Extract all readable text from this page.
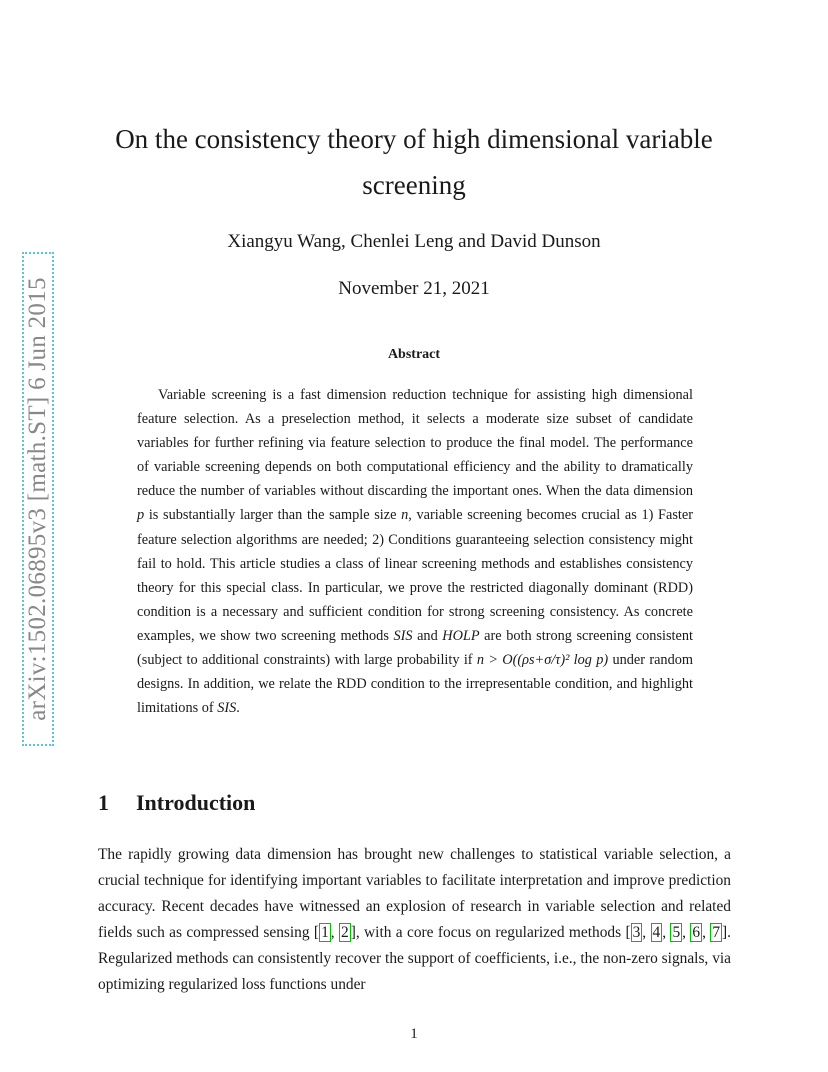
arXiv:1502.06895v3 [math.ST] 6 Jun 2015
On the consistency theory of high dimensional variable
screening
Xiangyu Wang, Chenlei Leng and David Dunson
November 21, 2021
Abstract
Variable screening is a fast dimension reduction technique for assisting high dimensional feature selection. As a preselection method, it selects a moderate size subset of candidate variables for further refining via feature selection to produce the final model. The performance of variable screening depends on both computational efficiency and the ability to dramatically reduce the number of variables without discarding the important ones. When the data dimension p is substantially larger than the sample size n, variable screening becomes crucial as 1) Faster feature selection algorithms are needed; 2) Conditions guaranteeing selection consistency might fail to hold. This article studies a class of linear screening methods and establishes consistency theory for this special class. In particular, we prove the restricted diagonally dominant (RDD) condition is a necessary and sufficient condition for strong screening consistency. As concrete examples, we show two screening methods SIS and HOLP are both strong screening consistent (subject to additional constraints) with large probability if n > O((ρs+σ/τ)² log p) under random designs. In addition, we relate the RDD condition to the irrepresentable condition, and highlight limitations of SIS.
1 Introduction
The rapidly growing data dimension has brought new challenges to statistical variable selection, a crucial technique for identifying important variables to facilitate interpretation and improve prediction accuracy. Recent decades have witnessed an explosion of research in variable selection and related fields such as compressed sensing [ 1 , 2 ], with a core focus on regularized methods [ 3 , 4 , 5 , 6 , 7 ]. Regularized methods can consistently recover the support of coefficients, i.e., the non-zero signals, via optimizing regularized loss functions under
1
